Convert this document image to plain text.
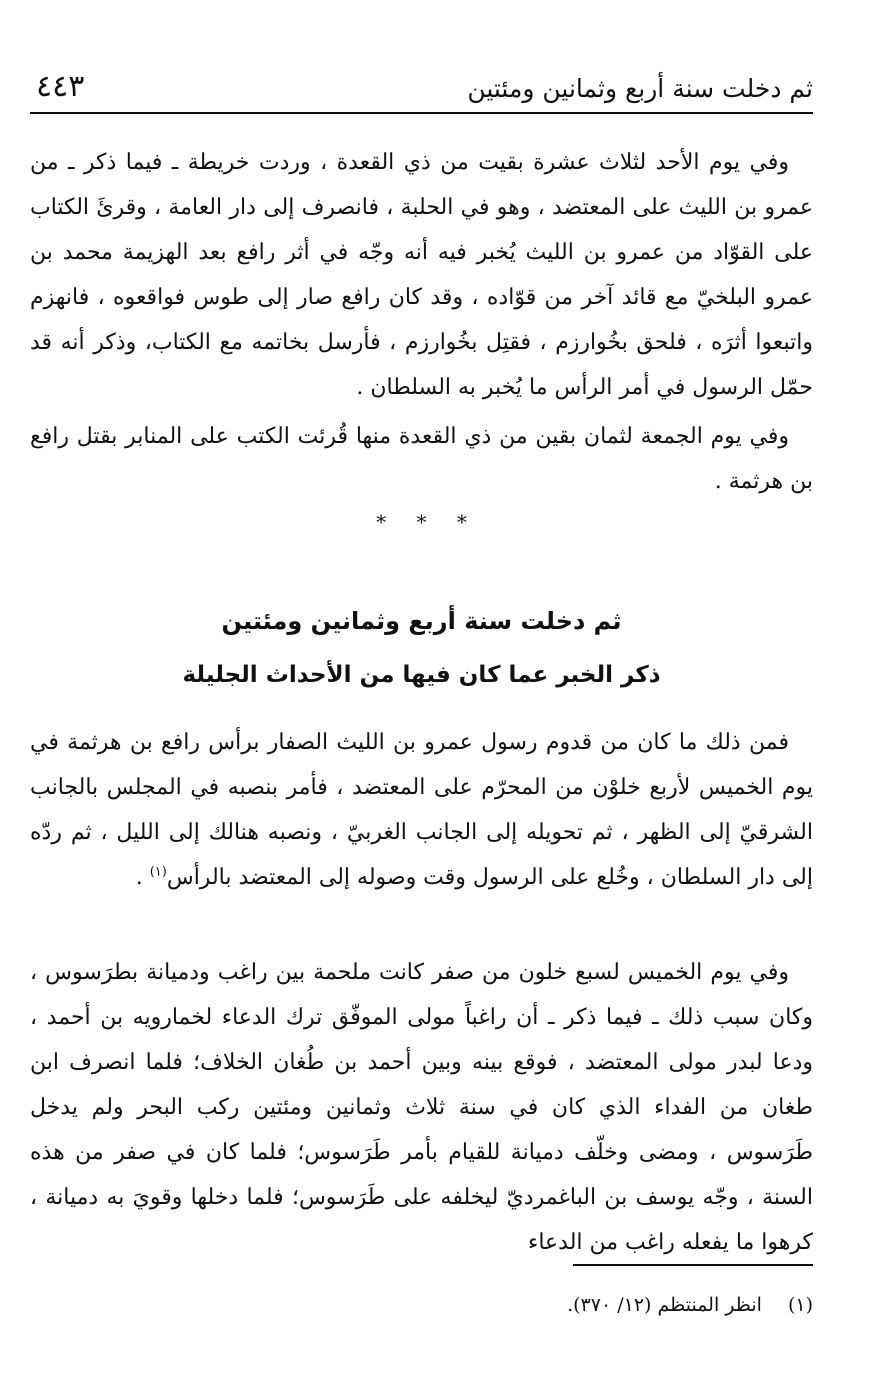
ثم دخلت سنة أربع وثمانين ومئتين
٤٤٣

وفي يوم الأحد لثلاث عشرة بقيت من ذي القعدة ، وردت خريطة ـ فيما ذكر ـ من عمرو بن الليث على المعتضد ، وهو في الحلبة ، فانصرف إلى دار العامة ، وقرئَ الكتاب على القوّاد من عمرو بن الليث يُخبر فيه أنه وجّه في أثر رافع بعد الهزيمة محمد بن عمرو البلخيّ مع قائد آخر من قوّاده ، وقد كان رافع صار إلى طوس فواقعوه ، فانهزم واتبعوا أثرَه ، فلحق بخُوارزم ، فقتِل بخُوارزم ، فأرسل بخاتمه مع الكتاب، وذكر أنه قد حمّل الرسول في أمر الرأس ما يُخبر به السلطان .

وفي يوم الجمعة لثمان بقين من ذي القعدة منها قُرئت الكتب على المنابر بقتل رافع بن هرثمة .

* * *
ثم دخلت سنة أربع وثمانين ومئتين
ذكر الخبر عما كان فيها من الأحداث الجليلة

فمن ذلك ما كان من قدوم رسول عمرو بن الليث الصفار برأس رافع بن هرثمة في يوم الخميس لأربع خلوْن من المحرّم على المعتضد ، فأمر بنصبه في المجلس بالجانب الشرقيّ إلى الظهر ، ثم تحويله إلى الجانب الغربيّ ، ونصبه هنالك إلى الليل ، ثم ردّه إلى دار السلطان ، وخُلع على الرسول وقت وصوله إلى المعتضد بالرأس$^{(١)}$ .

وفي يوم الخميس لسبع خلون من صفر كانت ملحمة بين راغب ودميانة بطرَسوس ، وكان سبب ذلك ـ فيما ذكر ـ أن راغباً مولى الموفّق ترك الدعاء لخمارويه بن أحمد ، ودعا لبدر مولى المعتضد ، فوقع بينه وبين أحمد بن طُغان الخلاف؛ فلما انصرف ابن طغان من الفداء الذي كان في سنة ثلاث وثمانين ومئتين ركب البحر ولم يدخل طَرَسوس ، ومضى وخلّف دميانة للقيام بأمر طَرَسوس؛ فلما كان في صفر من هذه السنة ، وجّه يوسف بن الباغمرديّ ليخلفه على طَرَسوس؛ فلما دخلها وقويَ به دميانة ، كرهوا ما يفعله راغب من الدعاء

(١)انظر المنتظم (١٢/ ٣٧٠).
